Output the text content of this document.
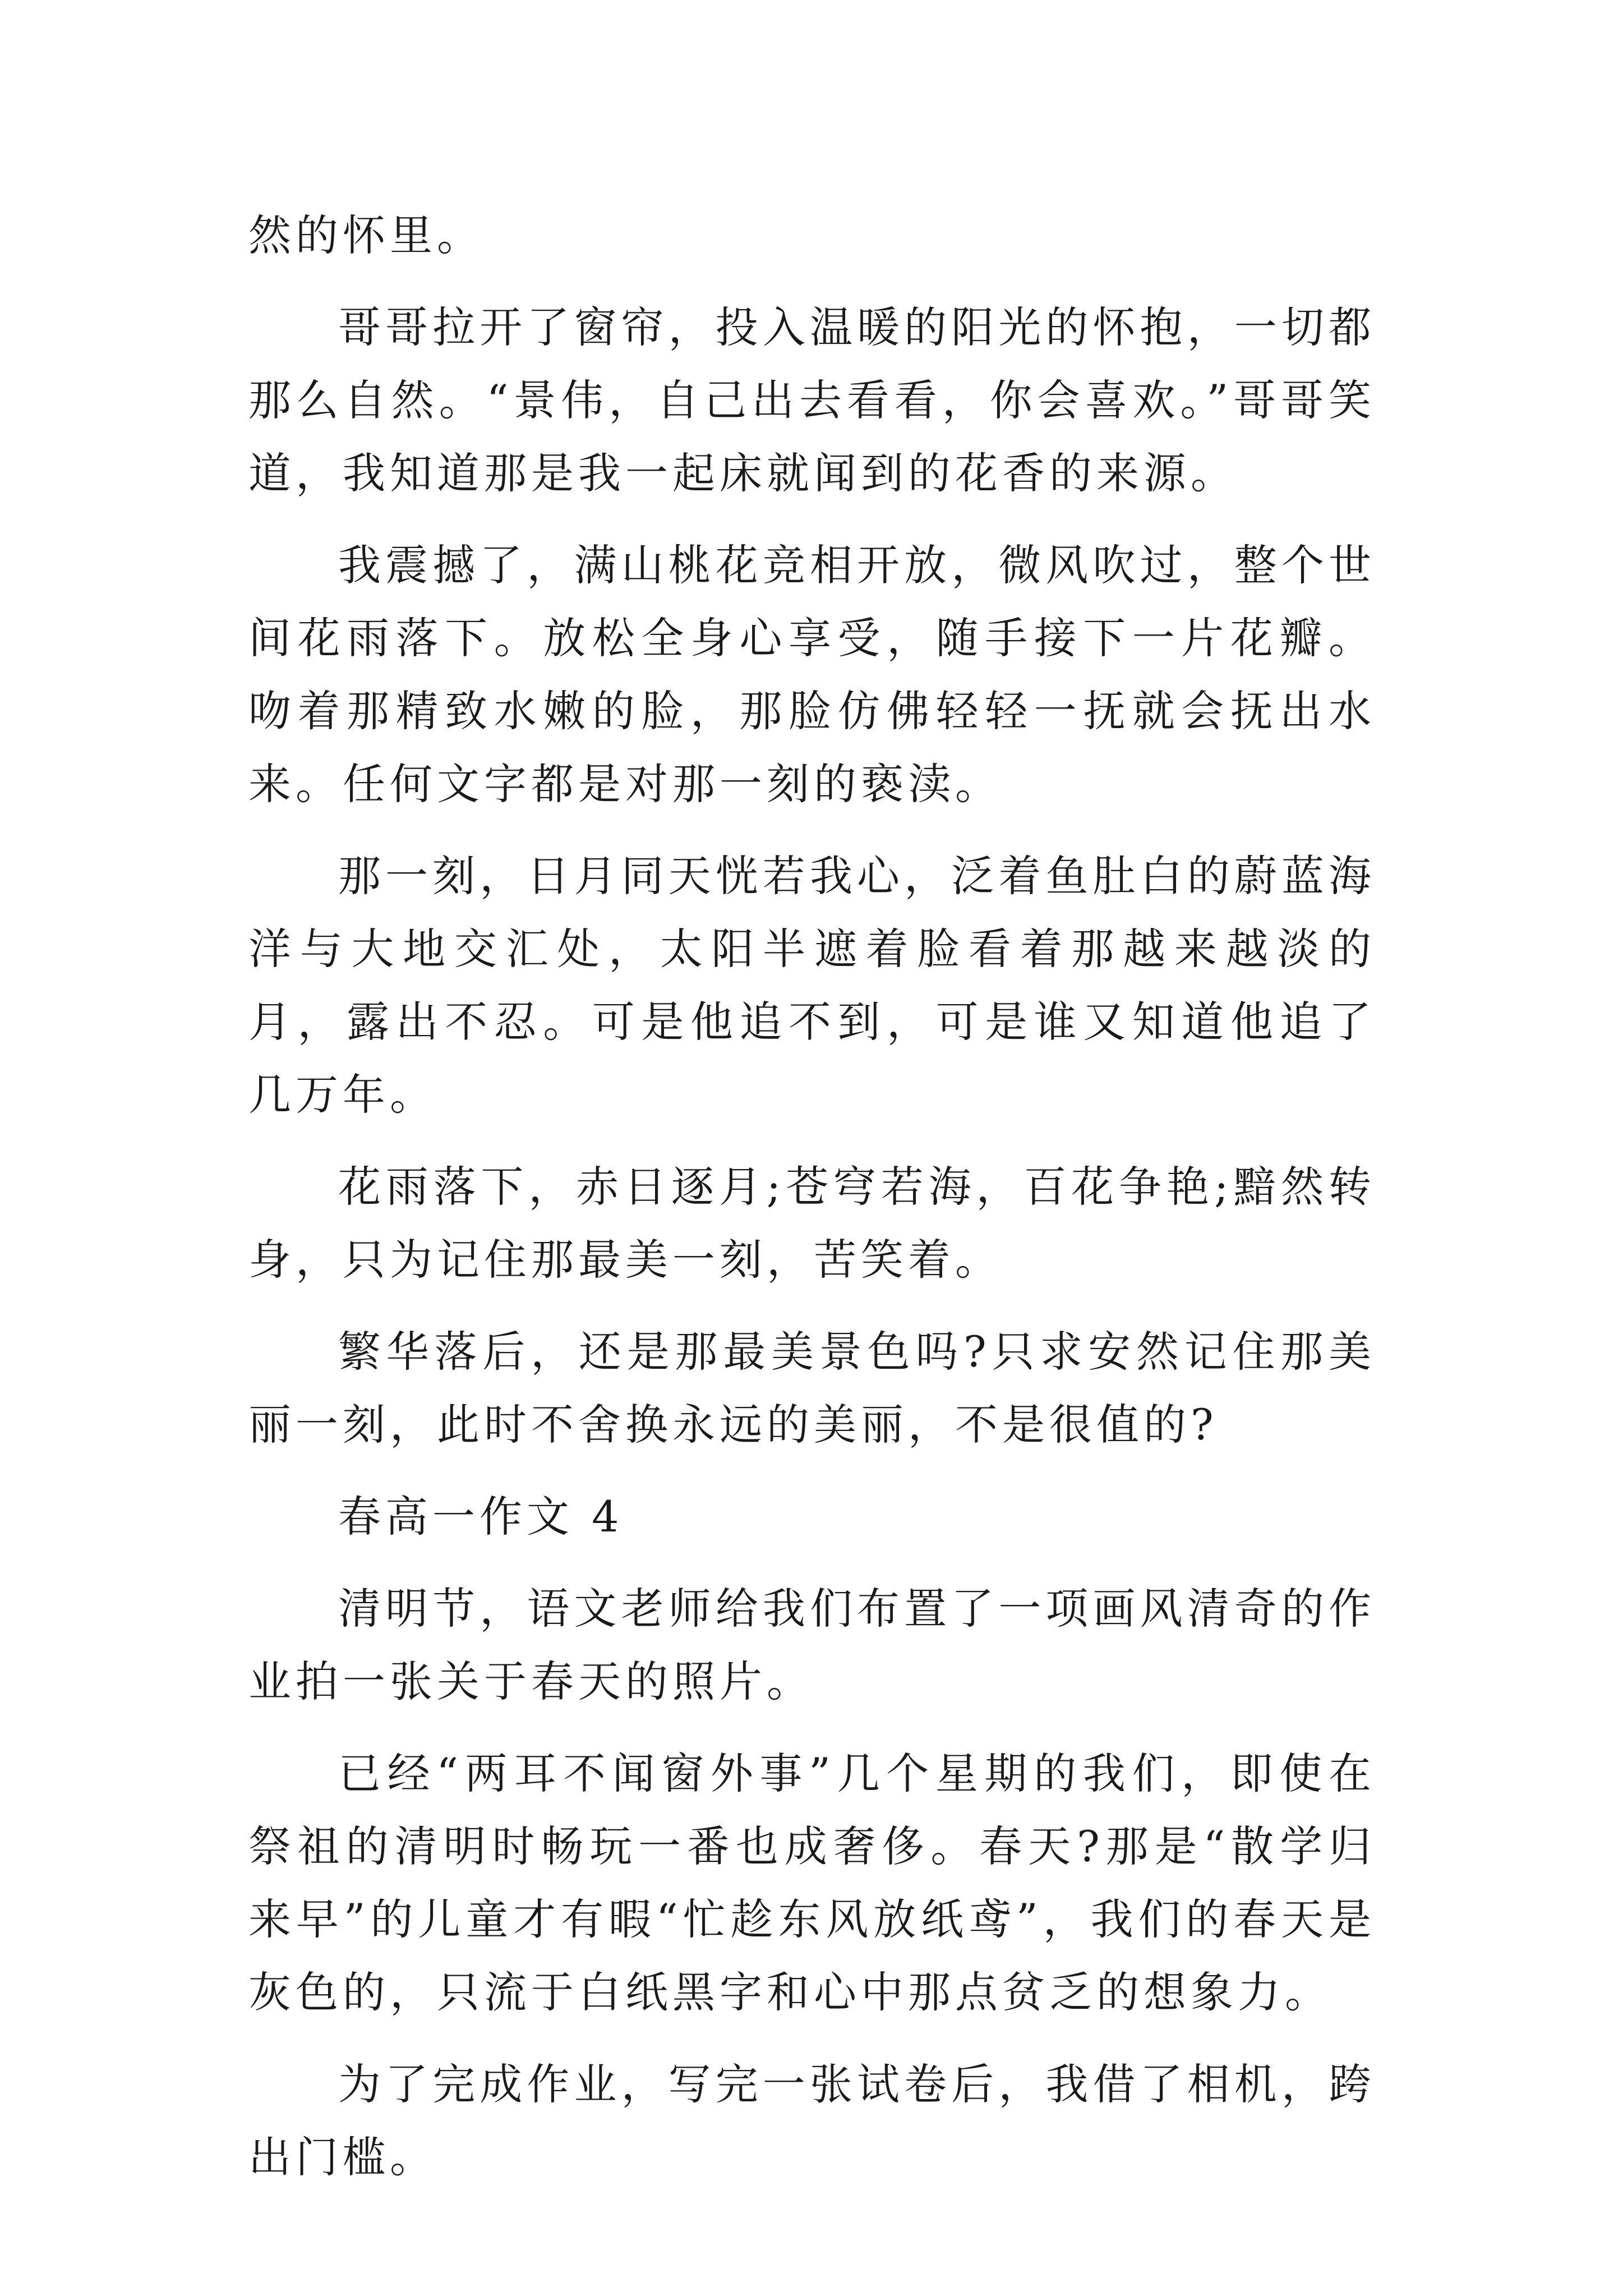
然的怀里。

哥哥拉开了窗帘，投入温暖的阳光的怀抱，一切都那么自然。“景伟，自己出去看看，你会喜欢。”哥哥笑道，我知道那是我一起床就闻到的花香的来源。

我震撼了，满山桃花竞相开放，微风吹过，整个世间花雨落下。放松全身心享受，随手接下一片花瓣。吻着那精致水嫩的脸，那脸仿佛轻轻一抚就会抚出水来。任何文字都是对那一刻的亵渎。

那一刻，日月同天恍若我心，泛着鱼肚白的蔚蓝海洋与大地交汇处，太阳半遮着脸看着那越来越淡的月，露出不忍。可是他追不到，可是谁又知道他追了几万年。

花雨落下，赤日逐月;苍穹若海，百花争艳;黯然转身，只为记住那最美一刻，苦笑着。

繁华落后，还是那最美景色吗?只求安然记住那美丽一刻，此时不舍换永远的美丽，不是很值的?

春高一作文 4

清明节，语文老师给我们布置了一项画风清奇的作业拍一张关于春天的照片。

已经“两耳不闻窗外事”几个星期的我们，即使在祭祖的清明时畅玩一番也成奢侈。春天?那是“散学归来早”的儿童才有暇“忙趁东风放纸鸢”，我们的春天是灰色的，只流于白纸黑字和心中那点贫乏的想象力。

为了完成作业，写完一张试卷后，我借了相机，跨出门槛。
